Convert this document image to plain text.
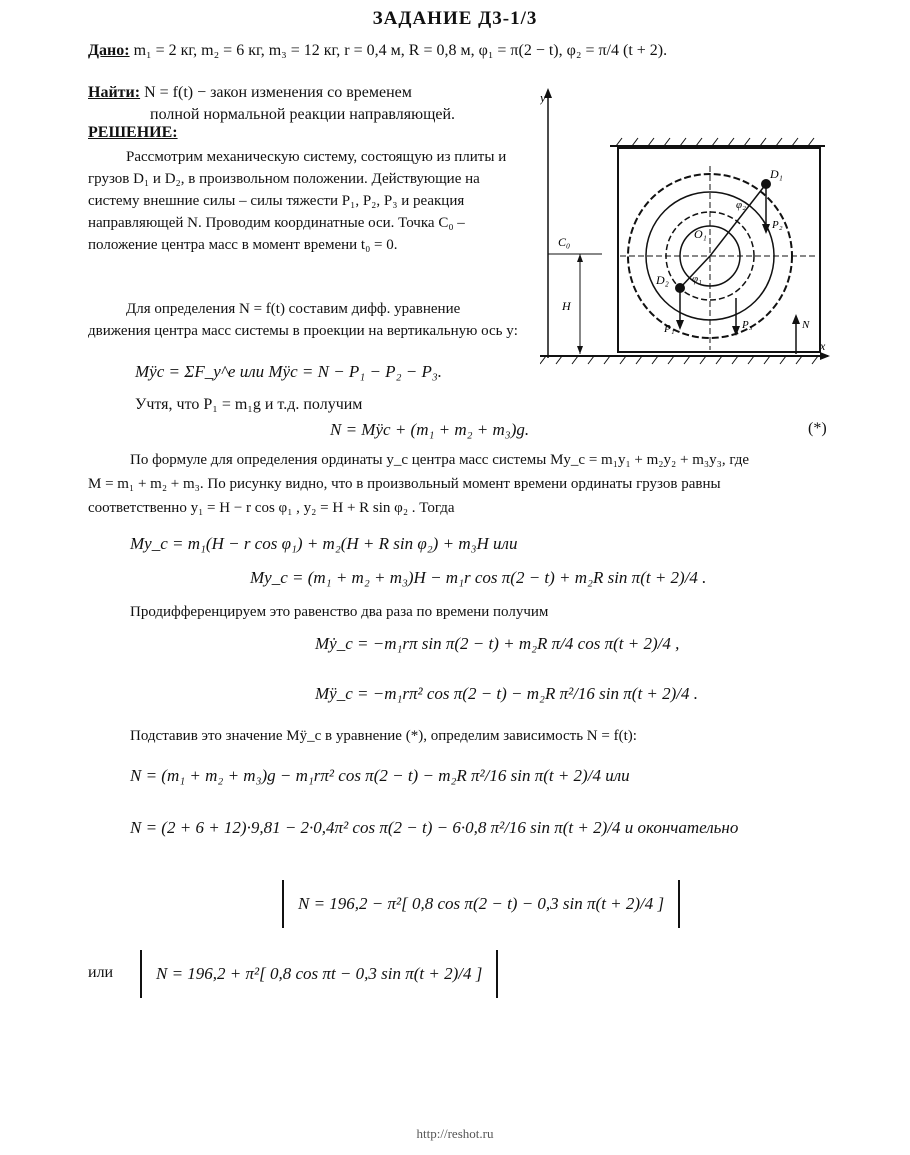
ЗАДАНИЕ Д3-1/3
Дано: m₁ = 2 кг, m₂ = 6 кг, m₃ = 12 кг, r = 0,4 м, R = 0,8 м, φ₁ = π(2 − t), φ₂ = π/4 (t + 2).
Найти: N = f(t) − закон изменения со временем
полной нормальной реакции направляющей.
РЕШЕНИЕ:
Рассмотрим механическую систему, состоящую из плиты и грузов D₁ и D₂, в произвольном положении. Действующие на систему внешние силы – силы тяжести P₁, P₂, P₃ и реакция направляющей N. Проводим координатные оси. Точка C₀ – положение центра масс в момент времени t₀ = 0.
Для определения N = f(t) составим дифф. уравнение движения центра масс системы в проекции на вертикальную ось y:
Mÿc = ΣF_y^e или Mÿc = N − P₁ − P₂ − P₃.
Учтя, что P₁ = m₁g и т.д. получим
N = Mÿc + (m₁ + m₂ + m₃)g.	(*)
По формуле для определения ординаты y_c центра масс системы My_c = m₁y₁ + m₂y₂ + m₃y₃, где
M = m₁ + m₂ + m₃. По рисунку видно, что в произвольный момент времени ординаты грузов равны
соответственно y₁ = H − r cos φ₁ , y₂ = H + R sin φ₂ . Тогда
My_c = m₁(H − r cos φ₁) + m₂(H + R sin φ₂) + m₃H или
My_c = (m₁ + m₂ + m₃)H − m₁r cos π(2 − t) + m₂R sin π(t + 2)/4 .
Продифференцируем это равенство два раза по времени получим
Mẏ_c = −m₁rπ sin π(2 − t) + m₂R π/4 cos π(t + 2)/4 ,
Mÿ_c = −m₁rπ² cos π(2 − t) − m₂R π²/16 sin π(t + 2)/4 .
Подставив это значение Mÿ_c в уравнение (*), определим зависимость N = f(t):
N = (m₁ + m₂ + m₃)g − m₁rπ² cos π(2 − t) − m₂R π²/16 sin π(t + 2)/4 или
N = (2 + 6 + 12)·9,81 − 2·0,4π² cos π(2 − t) − 6·0,8 π²/16 sin π(t + 2)/4 и окончательно
N = 196,2 − π²[ 0,8 cos π(2 − t) − 0,3 sin π(t + 2)/4 ]
или	N = 196,2 + π²[ 0,8 cos πt − 0,3 sin π(t + 2)/4 ]
http://reshot.ru
y
x
O₁
D₁
φ₂
D₂ φ₁
P₂
P₁	P₃	N
C₀
H
